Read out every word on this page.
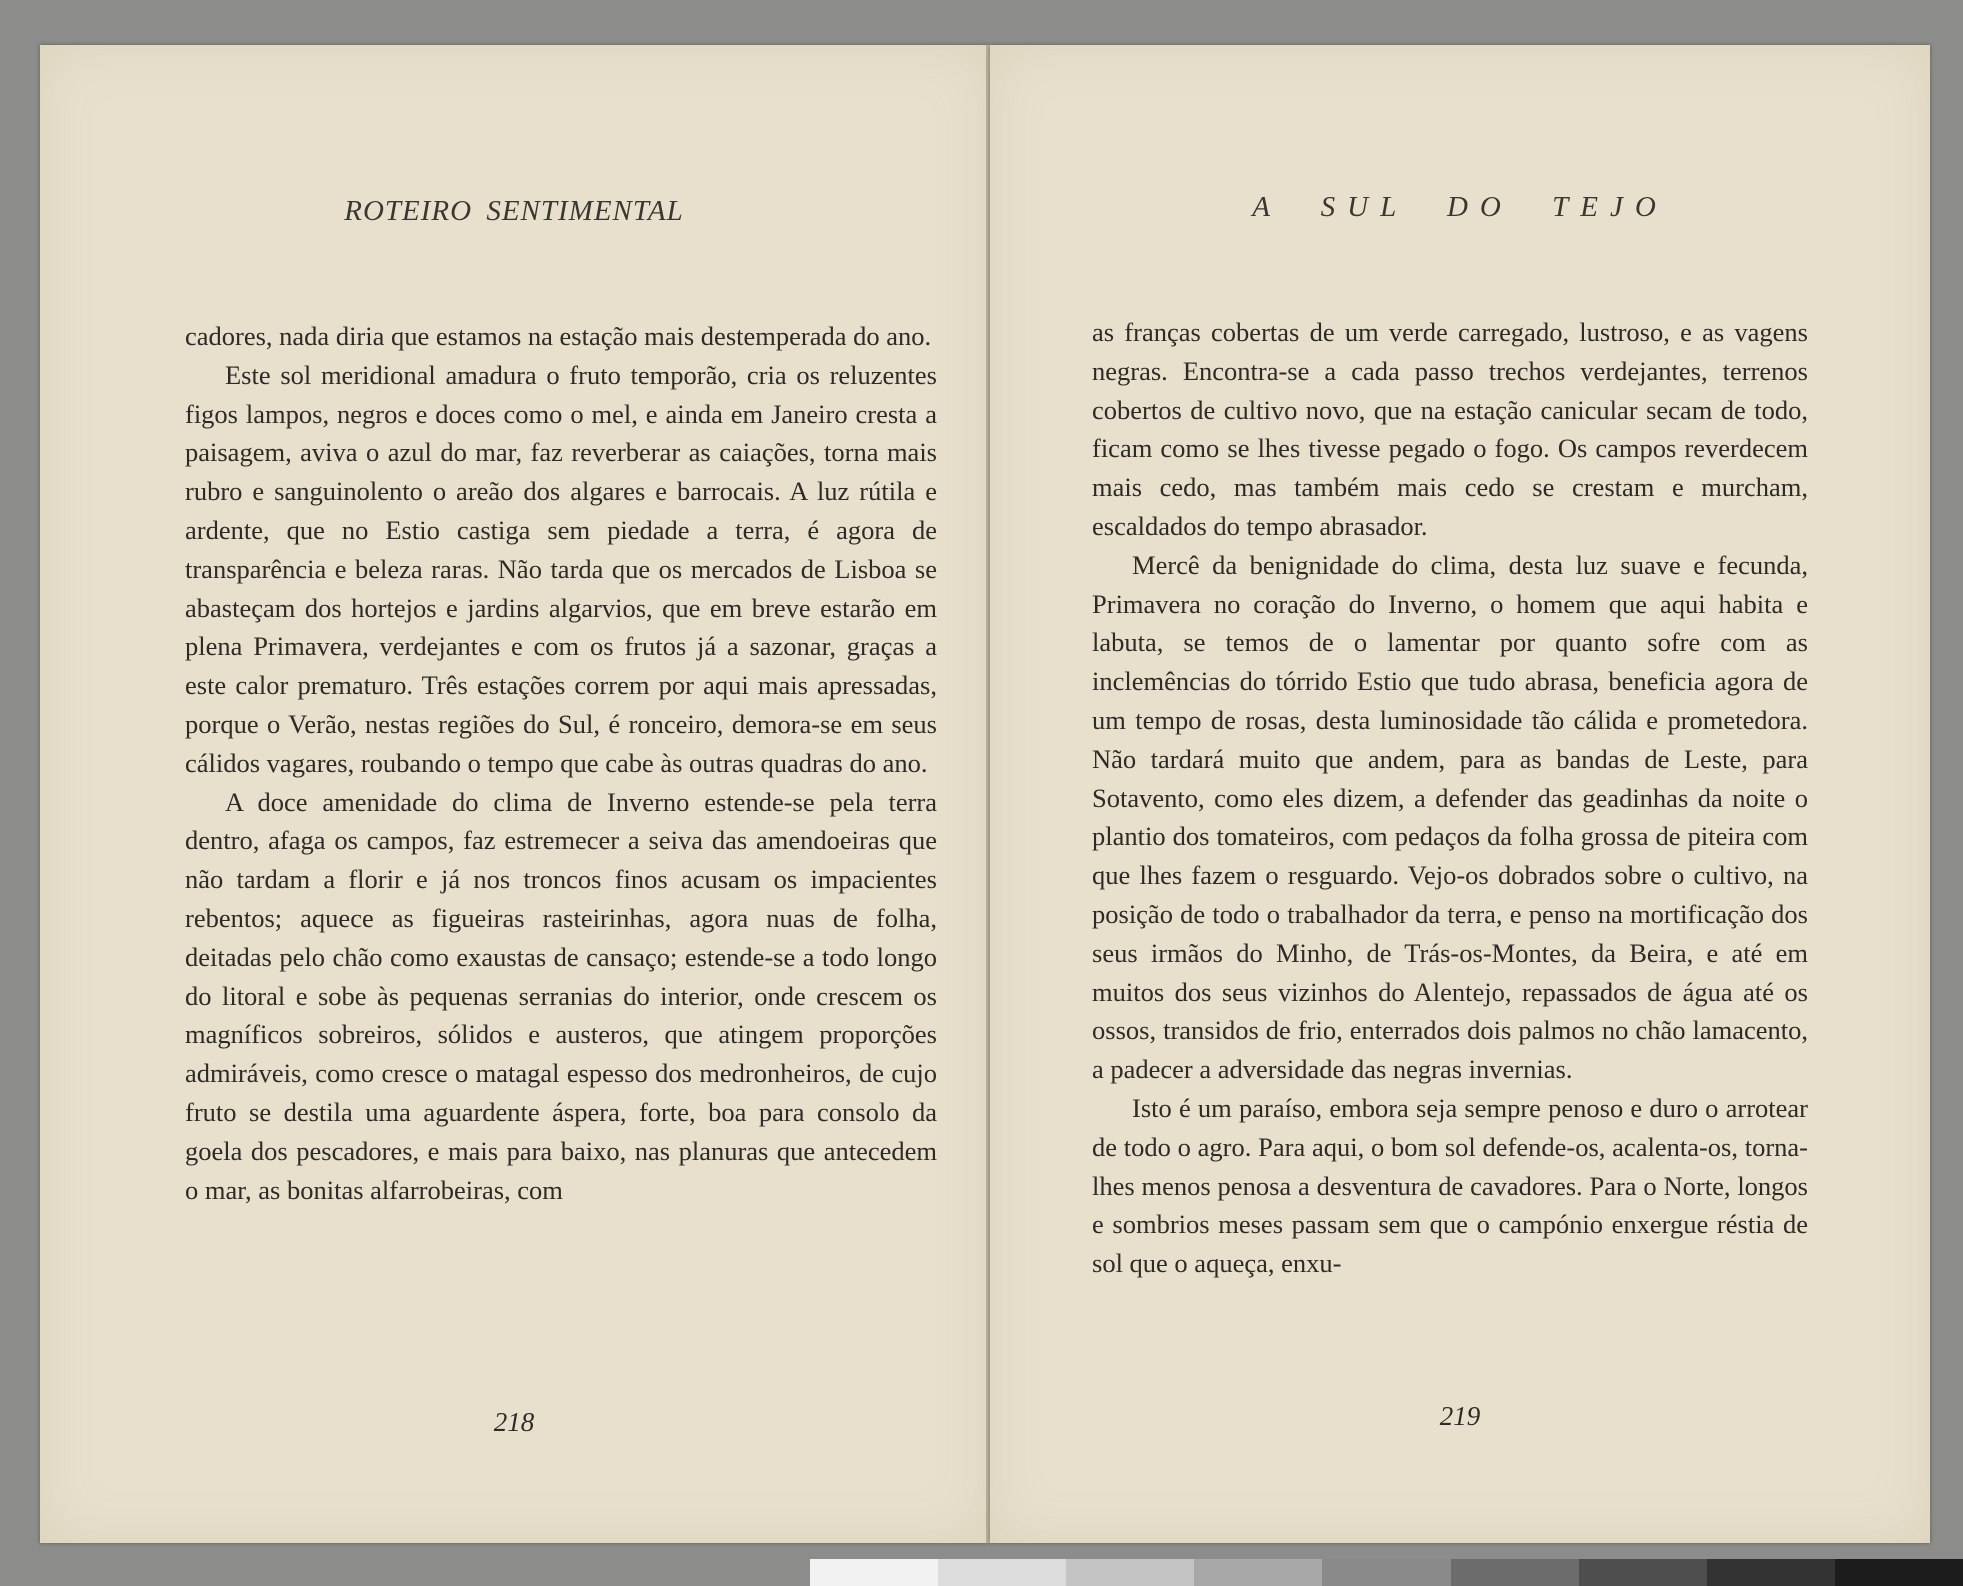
ROTEIRO SENTIMENTAL

cadores, nada diria que estamos na estação mais destemperada do ano.

Este sol meridional amadura o fruto temporão, cria os reluzentes figos lampos, negros e doces como o mel, e ainda em Janeiro cresta a paisagem, aviva o azul do mar, faz reverberar as caiações, torna mais rubro e sanguinolento o areão dos algares e barrocais. A luz rútila e ardente, que no Estio castiga sem piedade a terra, é agora de transparência e beleza raras. Não tarda que os mercados de Lisboa se abasteçam dos hortejos e jardins algarvios, que em breve estarão em plena Primavera, verdejantes e com os frutos já a sazonar, graças a este calor prematuro. Três estações correm por aqui mais apressadas, porque o Verão, nestas regiões do Sul, é ronceiro, demora-se em seus cálidos vagares, roubando o tempo que cabe às outras quadras do ano.

A doce amenidade do clima de Inverno estende-se pela terra dentro, afaga os campos, faz estremecer a seiva das amendoeiras que não tardam a florir e já nos troncos finos acusam os impacientes rebentos; aquece as figueiras rasteirinhas, agora nuas de folha, deitadas pelo chão como exaustas de cansaço; estende-se a todo longo do litoral e sobe às pequenas serranias do interior, onde crescem os magníficos sobreiros, sólidos e austeros, que atingem proporções admiráveis, como cresce o matagal espesso dos medronheiros, de cujo fruto se destila uma aguardente áspera, forte, boa para consolo da goela dos pescadores, e mais para baixo, nas planuras que antecedem o mar, as bonitas alfarrobeiras, com

218
A SUL DO TEJO

as franças cobertas de um verde carregado, lustroso, e as vagens negras. Encontra-se a cada passo trechos verdejantes, terrenos cobertos de cultivo novo, que na estação canicular secam de todo, ficam como se lhes tivesse pegado o fogo. Os campos reverdecem mais cedo, mas também mais cedo se crestam e murcham, escaldados do tempo abrasador.

Mercê da benignidade do clima, desta luz suave e fecunda, Primavera no coração do Inverno, o homem que aqui habita e labuta, se temos de o lamentar por quanto sofre com as inclemências do tórrido Estio que tudo abrasa, beneficia agora de um tempo de rosas, desta luminosidade tão cálida e prometedora. Não tardará muito que andem, para as bandas de Leste, para Sotavento, como eles dizem, a defender das geadinhas da noite o plantio dos tomateiros, com pedaços da folha grossa de piteira com que lhes fazem o resguardo. Vejo-os dobrados sobre o cultivo, na posição de todo o trabalhador da terra, e penso na mortificação dos seus irmãos do Minho, de Trás-os-Montes, da Beira, e até em muitos dos seus vizinhos do Alentejo, repassados de água até os ossos, transidos de frio, enterrados dois palmos no chão lamacento, a padecer a adversidade das negras invernias.

Isto é um paraíso, embora seja sempre penoso e duro o arrotear de todo o agro. Para aqui, o bom sol defende-os, acalenta-os, torna-lhes menos penosa a desventura de cavadores. Para o Norte, longos e sombrios meses passam sem que o campónio enxergue réstia de sol que o aqueça, enxu-

219
